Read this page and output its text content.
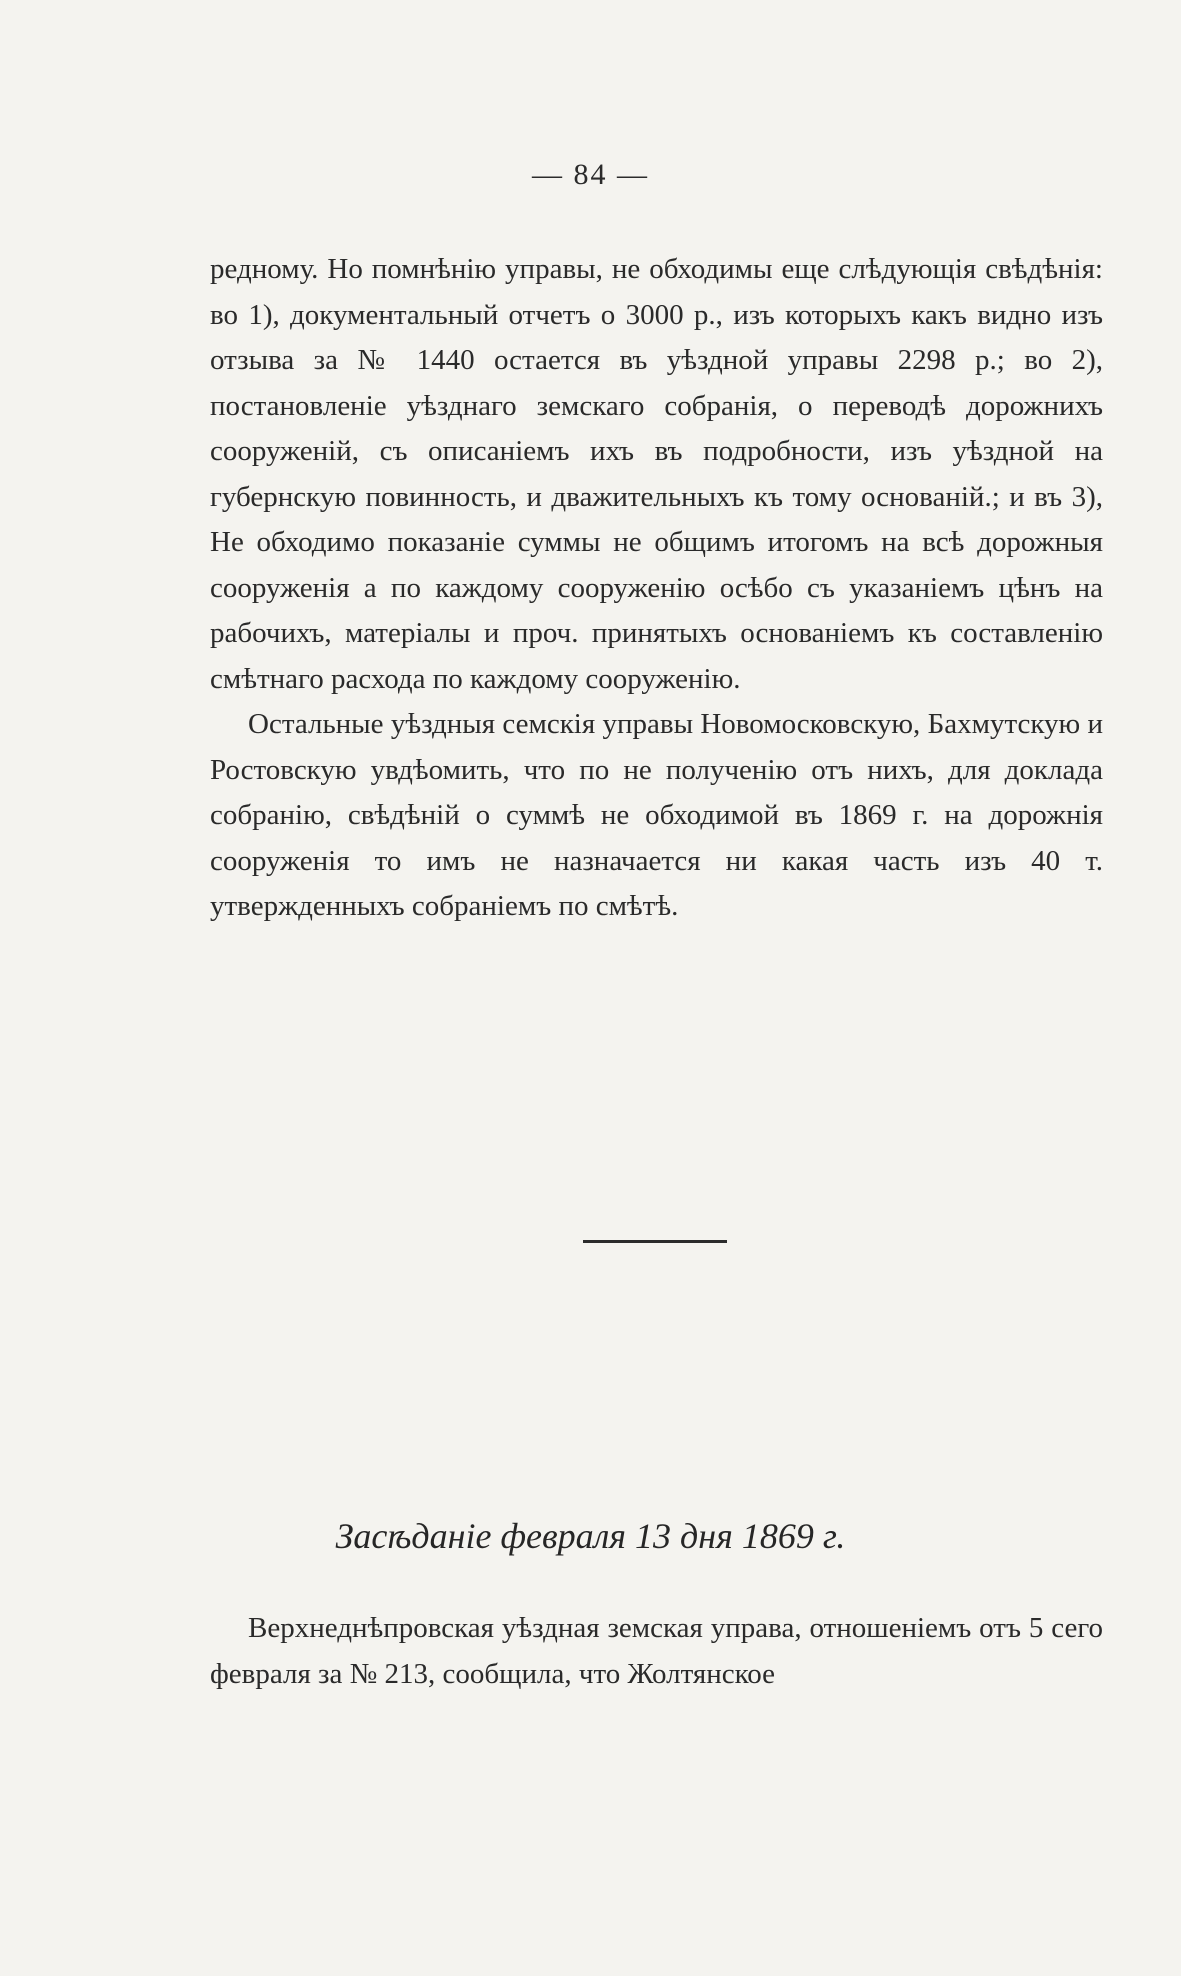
— 84 —

редному. Но помнѣнію управы, не обходимы еще слѣдующія свѣдѣнія: во 1), документальный отчетъ о 3000 р., изъ которыхъ какъ видно изъ отзыва за № 1440 остается въ уѣздной управы 2298 р.; во 2), постановленіе уѣзднаго земскаго собранія, о переводѣ дорожнихъ сооруженій, съ описаніемъ ихъ въ подробности, изъ уѣздной на губернскую повинность, и дважительныхъ къ тому основаній.; и въ 3), Не обходимо показаніе суммы не общимъ итогомъ на всѣ дорожныя сооруженія а по каждому сооруженію осѣбо съ указаніемъ цѣнъ на рабочихъ, матеріалы и проч. принятыхъ основаніемъ къ составленію смѣтнаго расхода по каждому сооруженію.

Остальные уѣздныя семскія управы Новомосковскую, Бахмутскую и Ростовскую увдѣомить, что по не полученію отъ нихъ, для доклада собранію, свѣдѣній о суммѣ не обходимой въ 1869 г. на дорожнія сооруженія то имъ не назначается ни какая часть изъ 40 т. утвержденныхъ собраніемъ по смѣтѣ.

Засѣданіе февраля 13 дня 1869 г.

Верхнеднѣпровская уѣздная земская управа, отношеніемъ отъ 5 сего февраля за № 213, сообщила, что Жолтянское
